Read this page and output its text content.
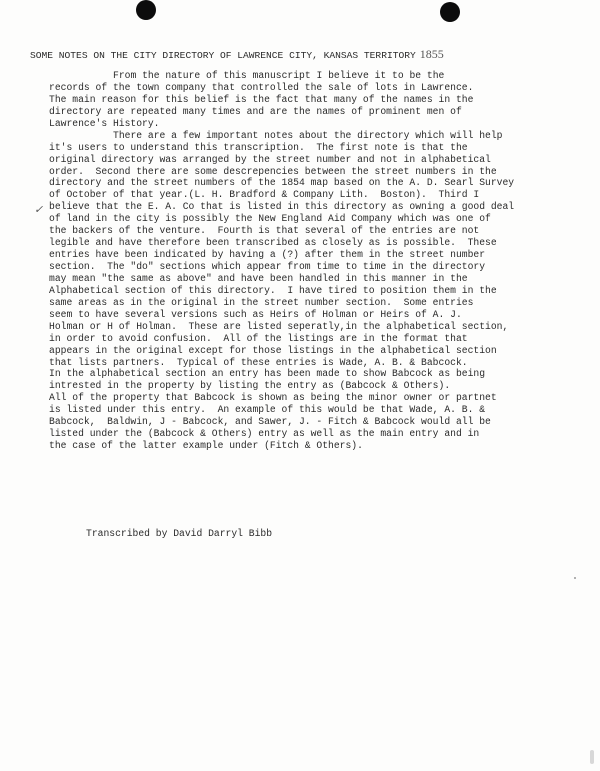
SOME NOTES ON THE CITY DIRECTORY OF LAWRENCE CITY, KANSAS TERRITORY 1855
✓
From the nature of this manuscript I believe it to be the
records of the town company that controlled the sale of lots in Lawrence.
The main reason for this belief is the fact that many of the names in the
directory are repeated many times and are the names of prominent men of
Lawrence's History.
There are a few important notes about the directory which will help
it's users to understand this transcription.  The first note is that the
original directory was arranged by the street number and not in alphabetical
order.  Second there are some descrepencies between the street numbers in the
directory and the street numbers of the 1854 map based on the A. D. Searl Survey
of October of that year.(L. H. Bradford & Company Lith.  Boston).  Third I
believe that the E. A. Co that is listed in this directory as owning a good deal
of land in the city is possibly the New England Aid Company which was one of
the backers of the venture.  Fourth is that several of the entries are not
legible and have therefore been transcribed as closely as is possible.  These
entries have been indicated by having a (?) after them in the street number
section.  The "do" sections which appear from time to time in the directory
may mean "the same as above" and have been handled in this manner in the
Alphabetical section of this directory.  I have tired to position them in the
same areas as in the original in the street number section.  Some entries
seem to have several versions such as Heirs of Holman or Heirs of A. J.
Holman or H of Holman.  These are listed seperatly,in the alphabetical section,
in order to avoid confusion.  All of the listings are in the format that
appears in the original except for those listings in the alphabetical section
that lists partners.  Typical of these entries is Wade, A. B. & Babcock.
In the alphabetical section an entry has been made to show Babcock as being
intrested in the property by listing the entry as (Babcock & Others).
All of the property that Babcock is shown as being the minor owner or partnet
is listed under this entry.  An example of this would be that Wade, A. B. &
Babcock,  Baldwin, J - Babcock, and Sawer, J. - Fitch & Babcock would all be
listed under the (Babcock & Others) entry as well as the main entry and in
the case of the latter example under (Fitch & Others).
Transcribed by David Darryl Bibb
